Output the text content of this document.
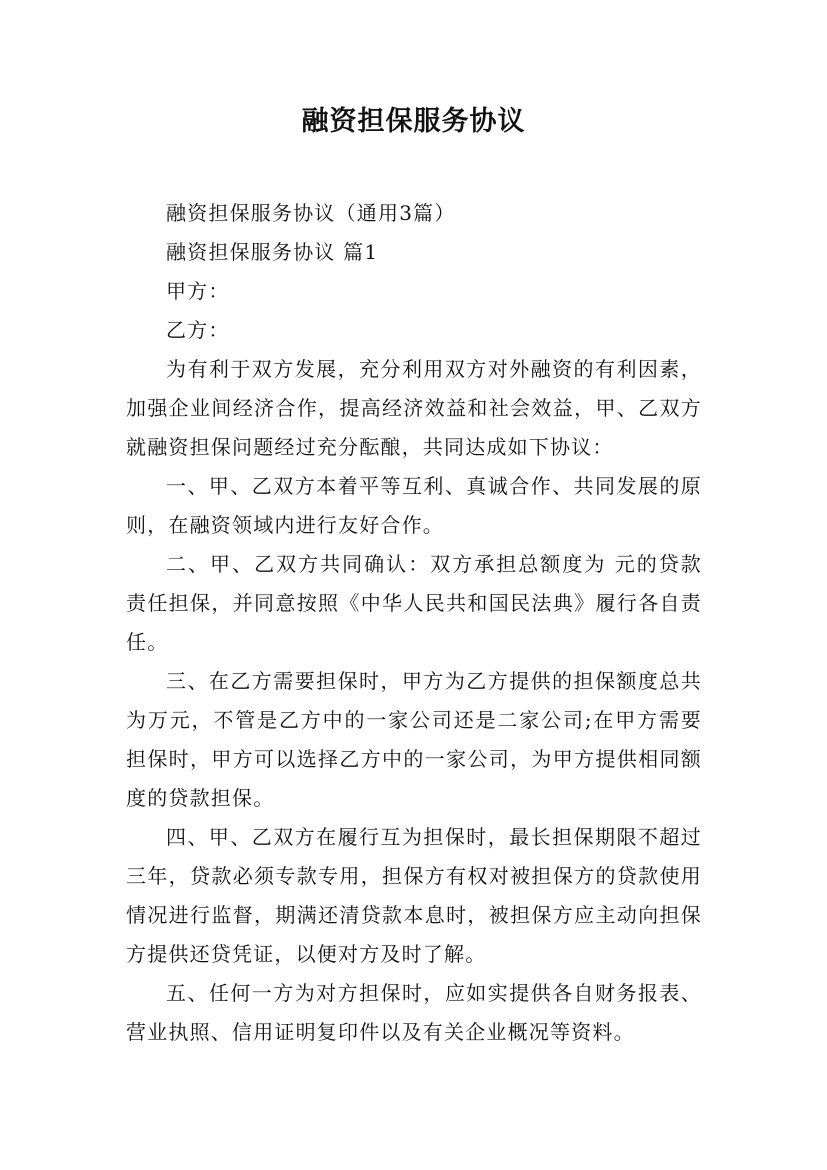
融资担保服务协议

融资担保服务协议（通用3篇）

融资担保服务协议 篇1

甲方：

乙方：

为有利于双方发展，充分利用双方对外融资的有利因素，加强企业间经济合作，提高经济效益和社会效益，甲、乙双方就融资担保问题经过充分酝酿，共同达成如下协议：

一、甲、乙双方本着平等互利、真诚合作、共同发展的原则，在融资领域内进行友好合作。

二、甲、乙双方共同确认：双方承担总额度为 元的贷款责任担保，并同意按照《中华人民共和国民法典》履行各自责任。

三、在乙方需要担保时，甲方为乙方提供的担保额度总共为万元，不管是乙方中的一家公司还是二家公司;在甲方需要担保时，甲方可以选择乙方中的一家公司，为甲方提供相同额度的贷款担保。

四、甲、乙双方在履行互为担保时，最长担保期限不超过三年，贷款必须专款专用，担保方有权对被担保方的贷款使用情况进行监督，期满还清贷款本息时，被担保方应主动向担保方提供还贷凭证，以便对方及时了解。

五、任何一方为对方担保时，应如实提供各自财务报表、营业执照、信用证明复印件以及有关企业概况等资料。
